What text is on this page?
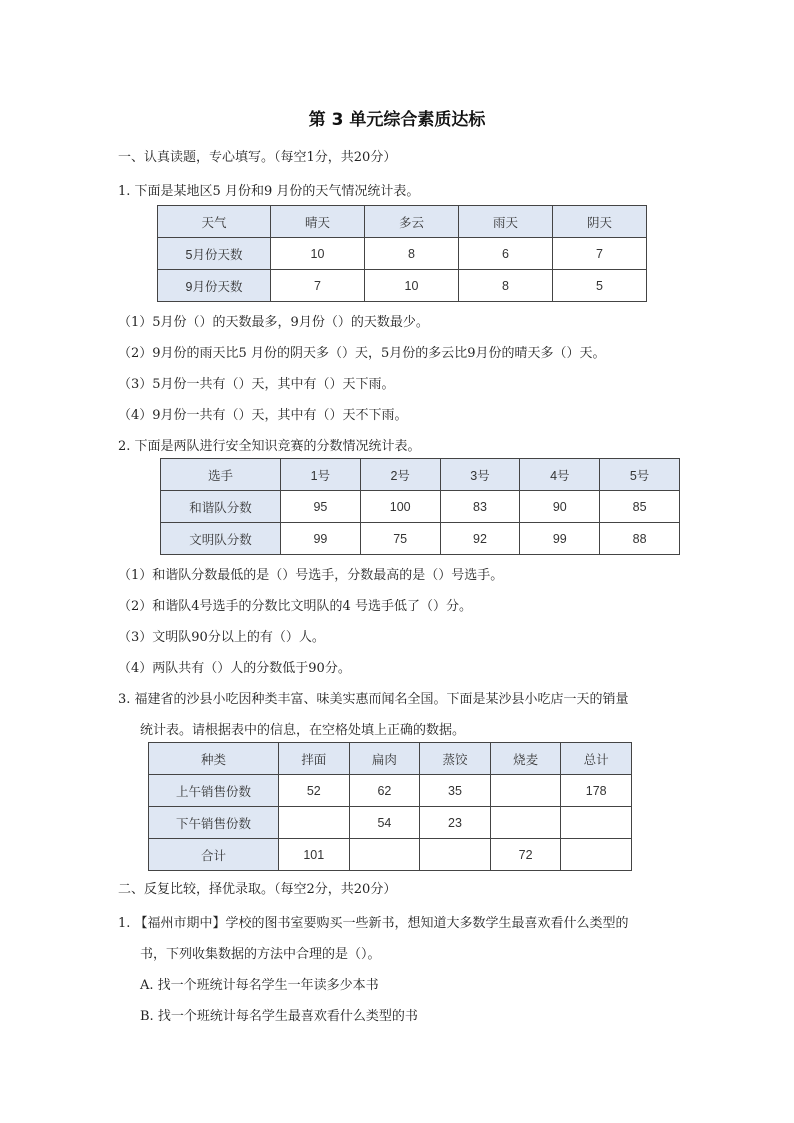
第 3 单元综合素质达标
一、认真读题，专心填写。（每空1分，共20分）
1. 下面是某地区5 月份和9 月份的天气情况统计表。
天气	晴天	多云	雨天	阴天
5月份天数	10	8	6	7
9月份天数	7	10	8	5
（1）5月份（）的天数最多，9月份（）的天数最少。
（2）9月份的雨天比5 月份的阴天多（）天，5月份的多云比9月份的晴天多（）天。
（3）5月份一共有（）天，其中有（）天下雨。
（4）9月份一共有（）天，其中有（）天不下雨。
2. 下面是两队进行安全知识竞赛的分数情况统计表。
选手	1号	2号	3号	4号	5号
和谐队分数	95	100	83	90	85
文明队分数	99	75	92	99	88
（1）和谐队分数最低的是（）号选手，分数最高的是（）号选手。
（2）和谐队4号选手的分数比文明队的4 号选手低了（）分。
（3）文明队90分以上的有（）人。
（4）两队共有（）人的分数低于90分。
3. 福建省的沙县小吃因种类丰富、味美实惠而闻名全国。下面是某沙县小吃店一天的销量
统计表。请根据表中的信息，在空格处填上正确的数据。
种类	拌面	扁肉	蒸饺	烧麦	总计
上午销售份数	52	62	35		178
下午销售份数		54	23		
合计	101			72	
二、反复比较，择优录取。（每空2分，共20分）
1. 【福州市期中】学校的图书室要购买一些新书，想知道大多数学生最喜欢看什么类型的
书，下列收集数据的方法中合理的是（）。
A. 找一个班统计每名学生一年读多少本书
B. 找一个班统计每名学生最喜欢看什么类型的书
